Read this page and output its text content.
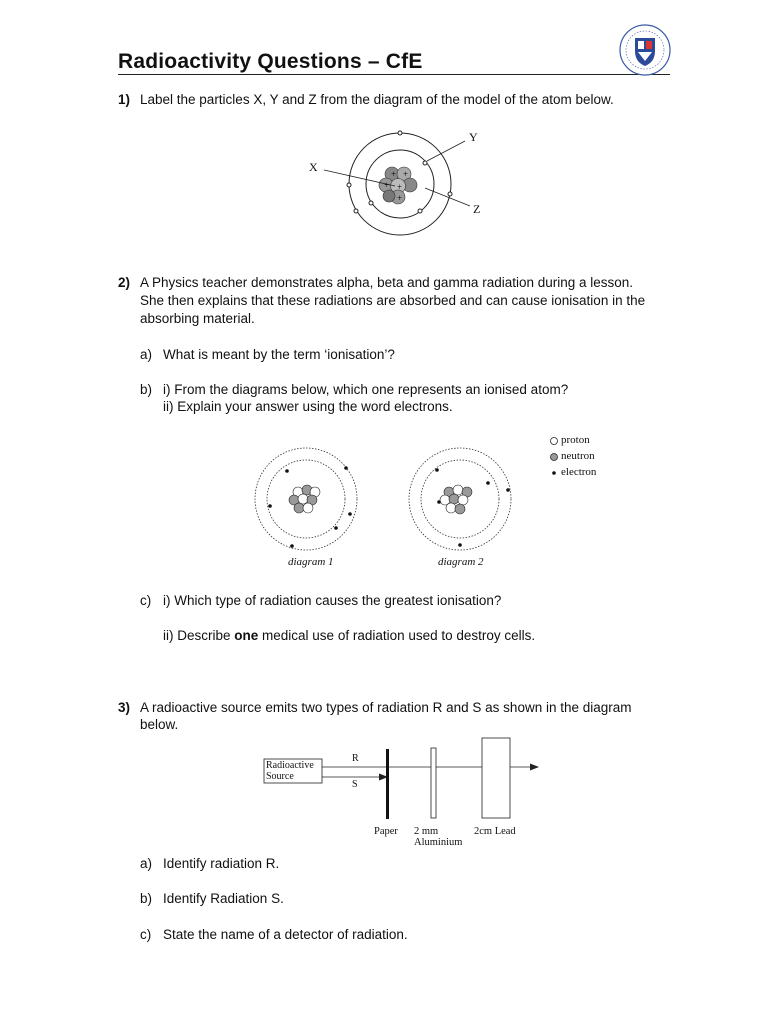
Radioactivity Questions – CfE
1) Label the particles X, Y and Z from the diagram of the model of the atom below.
+ +
+
+
+
X
Y
Z
2) A Physics teacher demonstrates alpha, beta and gamma radiation during a lesson.
She then explains that these radiations are absorbed and can cause ionisation in the
absorbing material.
a) What is meant by the term ‘ionisation’?
b) i) From the diagrams below, which one represents an ionised atom?
ii) Explain your answer using the word electrons.
proton
neutron
electron
diagram 1	diagram 2
c) i) Which type of radiation causes the greatest ionisation?
ii) Describe one medical use of radiation used to destroy cells.
3) A radioactive source emits two types of radiation R and S as shown in the diagram
below.
Radioactive
Source
R
S
Paper 2 mm
Aluminium
2cm Lead
a) Identify radiation R.
b) Identify Radiation S.
c) State the name of a detector of radiation.
